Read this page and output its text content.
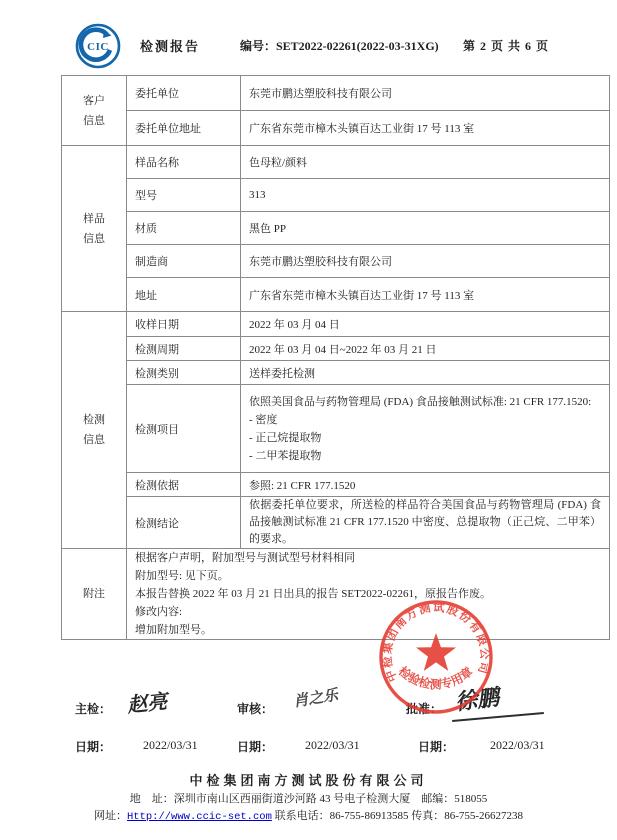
CIC 检测报告	编号：SET2022-02261(2022-03-31XG) 第 2 页 共 6 页
客户
信息	委托单位	东莞市鹏达塑胶科技有限公司
	委托单位地址	广东省东莞市樟木头镇百达工业街 17 号 113 室

样品
信息	样品名称	色母粒/颜料
	型号	313
	材质	黑色 PP
	制造商	东莞市鹏达塑胶科技有限公司
	地址	广东省东莞市樟木头镇百达工业街 17 号 113 室

检测
信息	收样日期	2022 年 03 月 04 日
	检测周期	2022 年 03 月 04 日~2022 年 03 月 21 日
	检测类别	送样委托检测
	检测项目	依照美国食品与药物管理局 (FDA) 食品接触测试标准: 21 CFR 177.1520:
- 密度
- 正己烷提取物
- 二甲苯提取物

	检测依据	参照: 21 CFR 177.1520
	检测结论	依据委托单位要求，所送检的样品符合美国食品与药物管理局 (FDA) 食品接触测试标准 21 CFR 177.1520 中密度、总提取物（正己烷、二甲苯）的要求。

附注	根据客户声明，附加型号与测试型号材料相同
附加型号: 见下页。
本报告替换 2022 年 03 月 21 日出具的报告 SET2022-02261，原报告作废。
修改内容:
增加附加型号。	
主检： 赵亮	审核： 肖之乐	批准： 徐鹏
日期：	2022/03/31	日期：	2022/03/31	日期：	2022/03/31
中检集团南方测试股份有限公司
检验检测专用章
中检集团南方测试股份有限公司
地　址：深圳市南山区西丽街道沙河路 43 号电子检测大厦　邮编：518055
网址：Http://www.ccic-set.com 联系电话：86-755-86913585 传真：86-755-26627238
